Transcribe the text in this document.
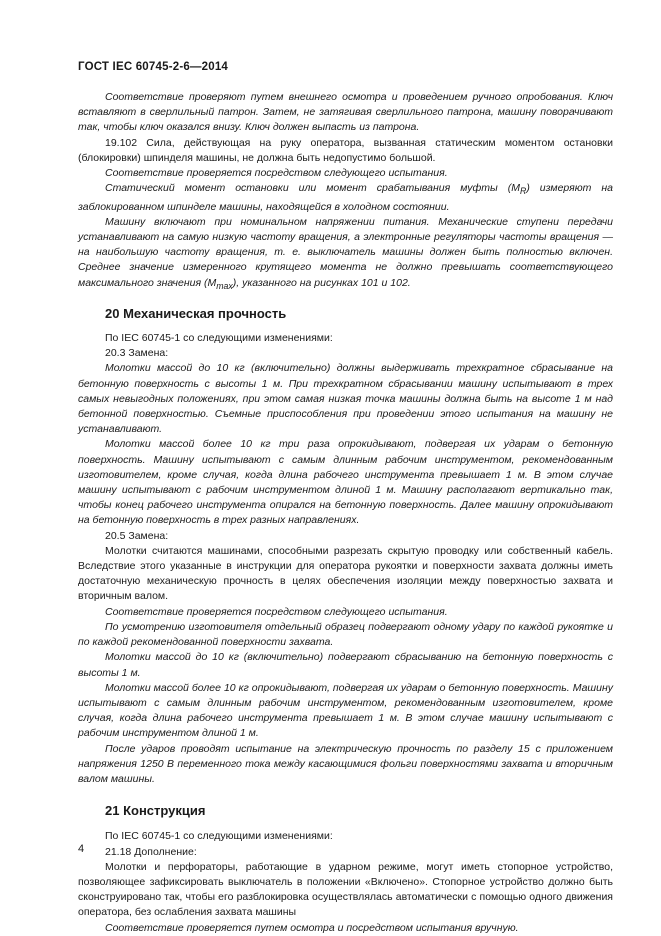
ГОСТ IEC 60745-2-6—2014

Соответствие проверяют путем внешнего осмотра и проведением ручного опробования. Ключ вставляют в сверлильный патрон. Затем, не затягивая сверлильного патрона, машину поворачивают так, чтобы ключ оказался внизу. Ключ должен выпасть из патрона.

19.102 Сила, действующая на руку оператора, вызванная статическим моментом остановки (блокировки) шпинделя машины, не должна быть недопустимо большой.

Соответствие проверяется посредством следующего испытания.

Статический момент остановки или момент срабатывания муфты $(M_R)$ измеряют на заблокированном шпинделе машины, находящейся в холодном состоянии.

Машину включают при номинальном напряжении питания. Механические ступени передачи устанавливают на самую низкую частоту вращения, а электронные регуляторы частоты вращения — на наибольшую частоту вращения, т. е. выключатель машины должен быть полностью включен. Среднее значение измеренного крутящего момента не должно превышать соответствующего максимального значения $(M_{max})$, указанного на рисунках 101 и 102.

20 Механическая прочность

По IEC 60745-1 со следующими изменениями:

20.3 Замена:

Молотки массой до 10 кг (включительно) должны выдерживать трехкратное сбрасывание на бетонную поверхность с высоты 1 м. При трехкратном сбрасывании машину испытывают в трех самых невыгодных положениях, при этом самая низкая точка машины должна быть на высоте 1 м над бетонной поверхностью. Съемные приспособления при проведении этого испытания на машину не устанавливают.

Молотки массой более 10 кг три раза опрокидывают, подвергая их ударам о бетонную поверхность. Машину испытывают с самым длинным рабочим инструментом, рекомендованным изготовителем, кроме случая, когда длина рабочего инструмента превышает 1 м. В этом случае машину испытывают с рабочим инструментом длиной 1 м. Машину располагают вертикально так, чтобы конец рабочего инструмента опирался на бетонную поверхность. Далее машину опрокидывают на бетонную поверхность в трех разных направлениях.

20.5 Замена:

Молотки считаются машинами, способными разрезать скрытую проводку или собственный кабель. Вследствие этого указанные в инструкции для оператора рукоятки и поверхности захвата должны иметь достаточную механическую прочность в целях обеспечения изоляции между поверхностью захвата и вторичным валом.

Соответствие проверяется посредством следующего испытания.

По усмотрению изготовителя отдельный образец подвергают одному удару по каждой рукоятке и по каждой рекомендованной поверхности захвата.

Молотки массой до 10 кг (включительно) подвергают сбрасыванию на бетонную поверхность с высоты 1 м.

Молотки массой более 10 кг опрокидывают, подвергая их ударам о бетонную поверхность. Машину испытывают с самым длинным рабочим инструментом, рекомендованным изготовителем, кроме случая, когда длина рабочего инструмента превышает 1 м. В этом случае машину испытывают с рабочим инструментом длиной 1 м.

После ударов проводят испытание на электрическую прочность по разделу 15 с приложением напряжения 1250 В переменного тока между касающимися фольги поверхностями захвата и вторичным валом машины.

21 Конструкция

По IEC 60745-1 со следующими изменениями:

21.18 Дополнение:

Молотки и перфораторы, работающие в ударном режиме, могут иметь стопорное устройство, позволяющее зафиксировать выключатель в положении «Включено». Стопорное устройство должно быть сконструировано так, чтобы его разблокировка осуществлялась автоматически с помощью одного движения оператора, без ослабления захвата машины

Соответствие проверяется путем осмотра и посредством испытания вручную.

4
